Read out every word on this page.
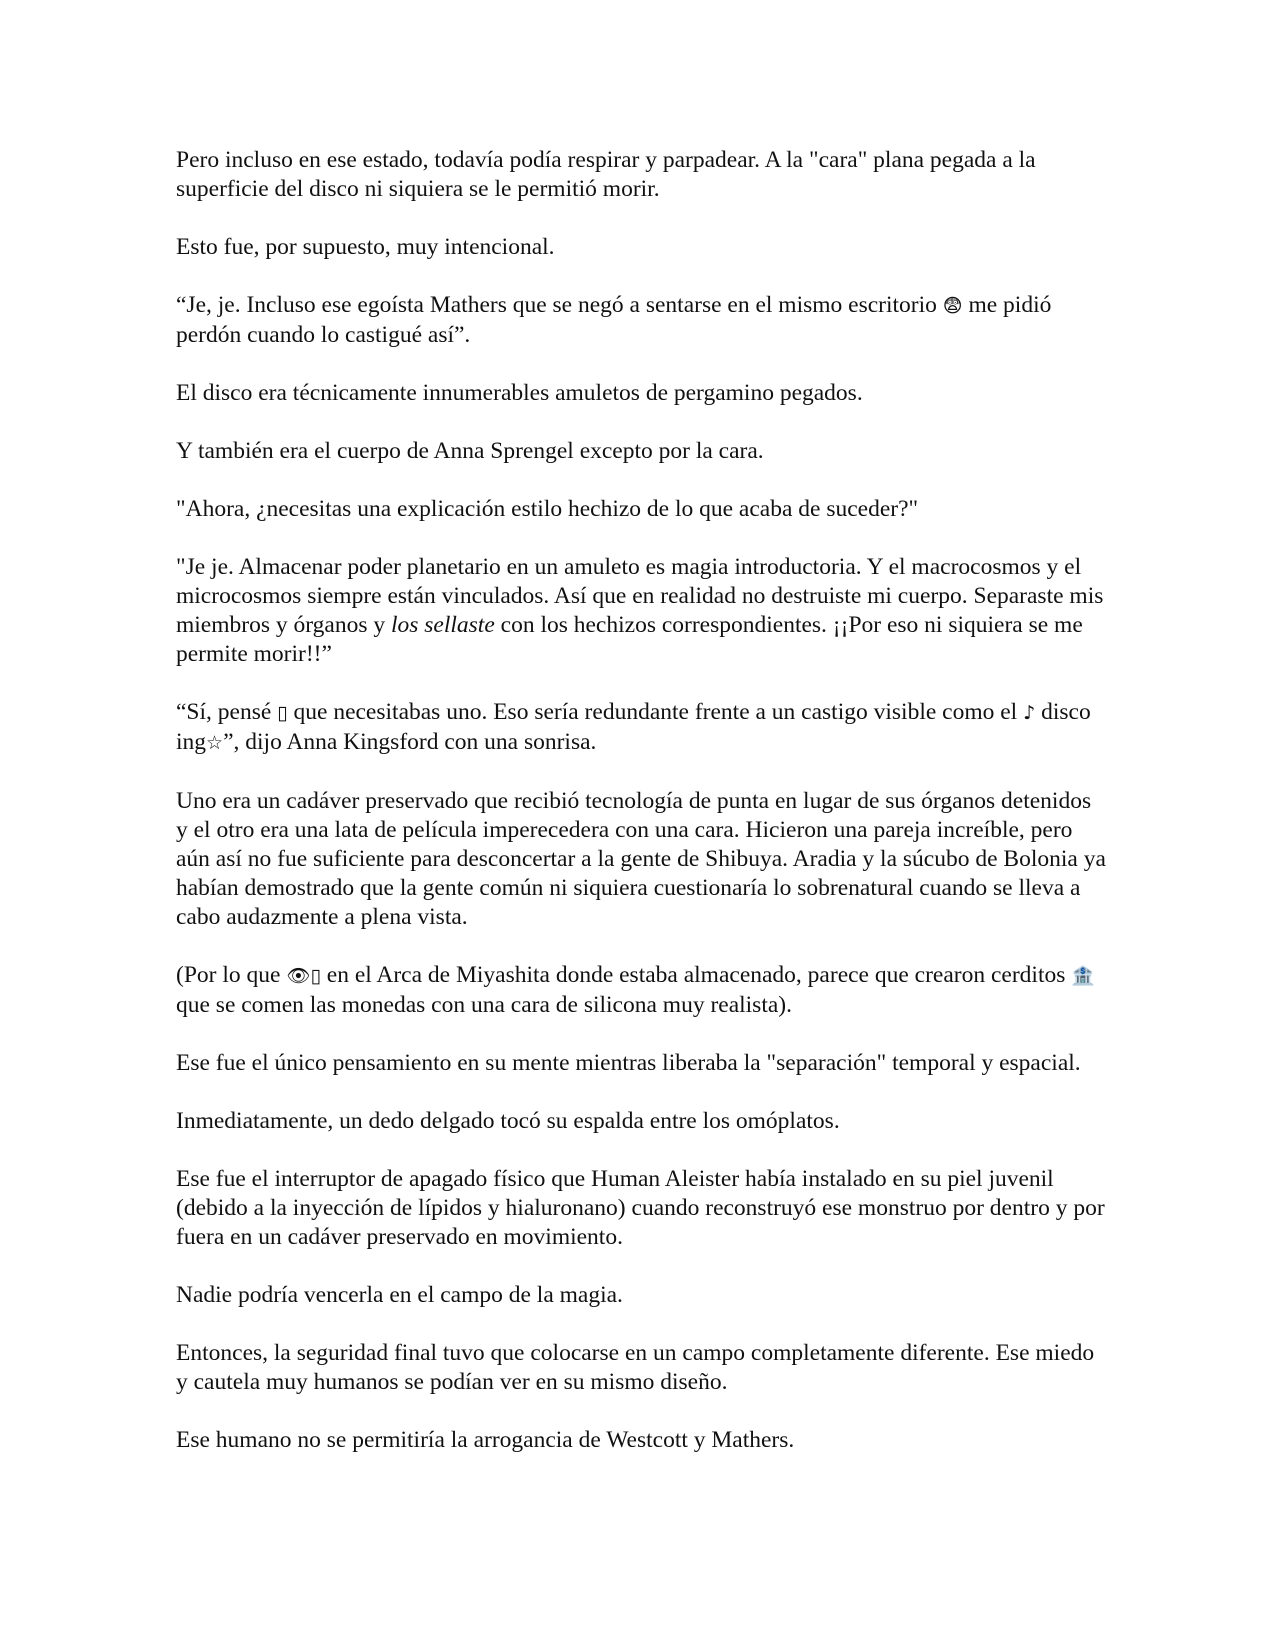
Pero incluso en ese estado, todavía podía respirar y parpadear. A la "cara" plana pegada a la superficie del disco ni siquiera se le permitió morir.

Esto fue, por supuesto, muy intencional.

“Je, je. Incluso ese egoísta Mathers que se negó a sentarse en el mismo escritorio 😨 me pidió perdón cuando lo castigué así”.

El disco era técnicamente innumerables amuletos de pergamino pegados.

Y también era el cuerpo de Anna Sprengel excepto por la cara.

"Ahora, ¿necesitas una explicación estilo hechizo de lo que acaba de suceder?"

"Je je. Almacenar poder planetario en un amuleto es magia introductoria. Y el macrocosmos y el microcosmos siempre están vinculados. Así que en realidad no destruiste mi cuerpo. Separaste mis miembros y órganos y los sellaste con los hechizos correspondientes. ¡¡Por eso ni siquiera se me permite morir!!”

“Sí, pensé ▯ que necesitabas uno. Eso sería redundante frente a un castigo visible como el ♪ disco ing☆”, dijo Anna Kingsford con una sonrisa.

Uno era un cadáver preservado que recibió tecnología de punta en lugar de sus órganos detenidos y el otro era una lata de película imperecedera con una cara. Hicieron una pareja increíble, pero aún así no fue suficiente para desconcertar a la gente de Shibuya. Aradia y la súcubo de Bolonia ya habían demostrado que la gente común ni siquiera cuestionaría lo sobrenatural cuando se lleva a cabo audazmente a plena vista.

(Por lo que 👁▯ en el Arca de Miyashita donde estaba almacenado, parece que crearon cerditos 🏦 que se comen las monedas con una cara de silicona muy realista).

Ese fue el único pensamiento en su mente mientras liberaba la "separación" temporal y espacial.

Inmediatamente, un dedo delgado tocó su espalda entre los omóplatos.

Ese fue el interruptor de apagado físico que Human Aleister había instalado en su piel juvenil (debido a la inyección de lípidos y hialuronano) cuando reconstruyó ese monstruo por dentro y por fuera en un cadáver preservado en movimiento.

Nadie podría vencerla en el campo de la magia.

Entonces, la seguridad final tuvo que colocarse en un campo completamente diferente. Ese miedo y cautela muy humanos se podían ver en su mismo diseño.

Ese humano no se permitiría la arrogancia de Westcott y Mathers.
